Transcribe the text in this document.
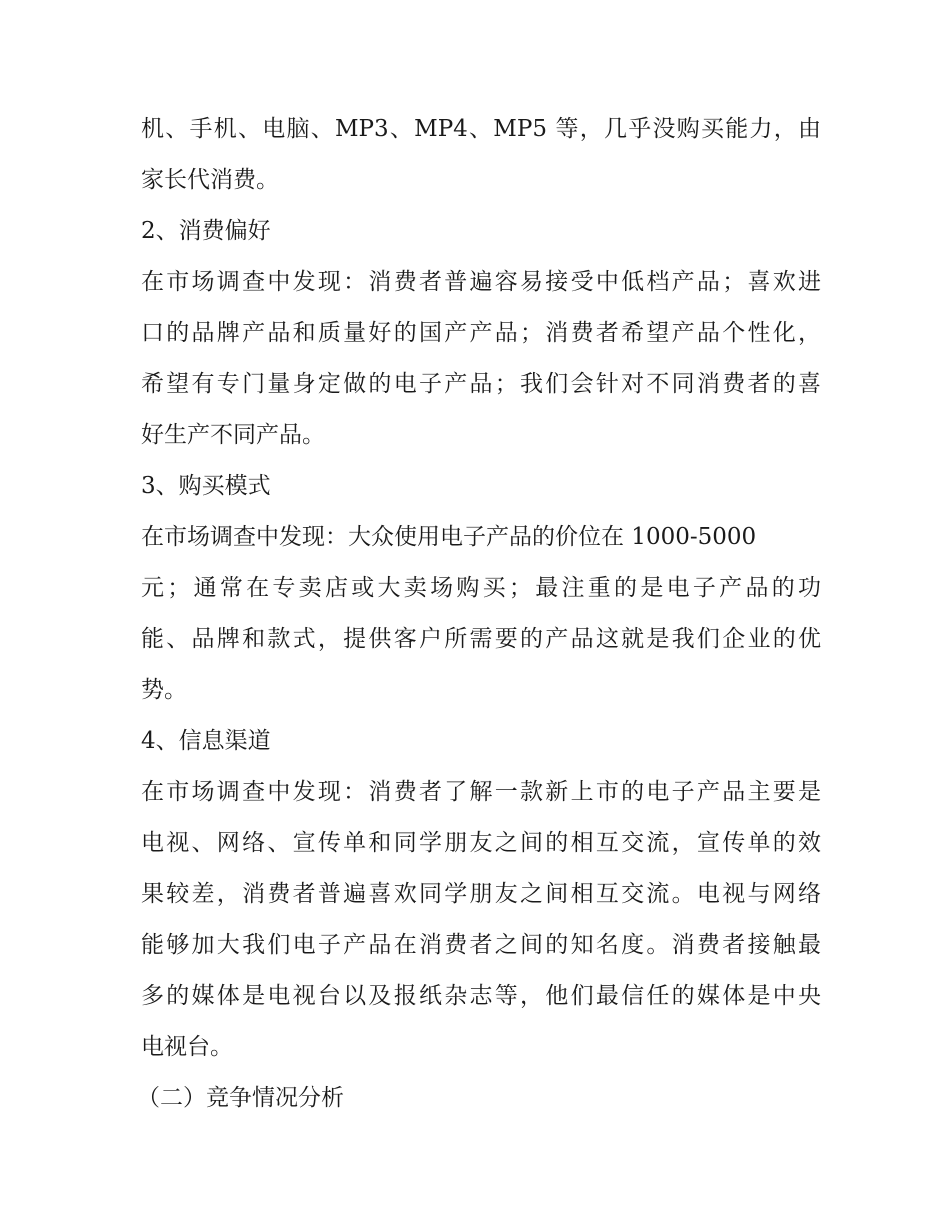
机、手机、电脑、MP3、MP4、MP5 等，几乎没购买能力，由
家长代消费。
2、消费偏好
在市场调查中发现：消费者普遍容易接受中低档产品；喜欢进
口的品牌产品和质量好的国产产品；消费者希望产品个性化，
希望有专门量身定做的电子产品；我们会针对不同消费者的喜
好生产不同产品。
3、购买模式
在市场调查中发现：大众使用电子产品的价位在 1000-5000
元；通常在专卖店或大卖场购买；最注重的是电子产品的功
能、品牌和款式，提供客户所需要的产品这就是我们企业的优
势。
4、信息渠道
在市场调查中发现：消费者了解一款新上市的电子产品主要是
电视、网络、宣传单和同学朋友之间的相互交流，宣传单的效
果较差，消费者普遍喜欢同学朋友之间相互交流。电视与网络
能够加大我们电子产品在消费者之间的知名度。消费者接触最
多的媒体是电视台以及报纸杂志等，他们最信任的媒体是中央
电视台。
（二）竞争情况分析
